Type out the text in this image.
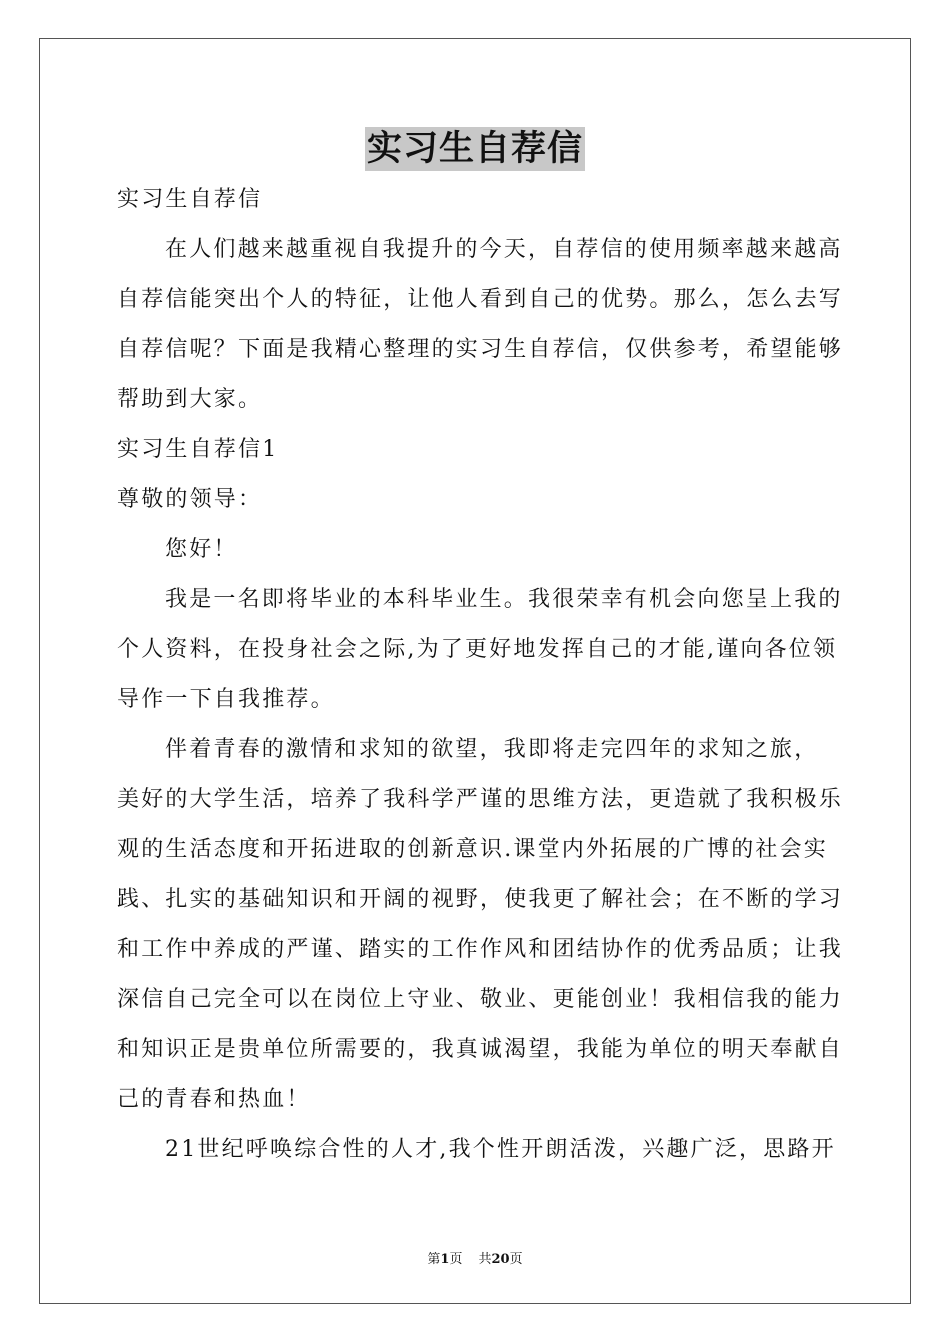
实习生自荐信
实习生自荐信
在人们越来越重视自我提升的今天，自荐信的使用频率越来越高
自荐信能突出个人的特征，让他人看到自己的优势。那么，怎么去写
自荐信呢？下面是我精心整理的实习生自荐信，仅供参考，希望能够
帮助到大家。
实习生自荐信1
尊敬的领导：
您好！
我是一名即将毕业的本科毕业生。我很荣幸有机会向您呈上我的
个人资料，在投身社会之际,为了更好地发挥自己的才能,谨向各位领
导作一下自我推荐。
伴着青春的激情和求知的欲望，我即将走完四年的求知之旅，
美好的大学生活，培养了我科学严谨的思维方法，更造就了我积极乐
观的生活态度和开拓进取的创新意识.课堂内外拓展的广博的社会实
践、扎实的基础知识和开阔的视野，使我更了解社会；在不断的学习
和工作中养成的严谨、踏实的工作作风和团结协作的优秀品质；让我
深信自己完全可以在岗位上守业、敬业、更能创业！我相信我的能力
和知识正是贵单位所需要的，我真诚渴望，我能为单位的明天奉献自
己的青春和热血！
21世纪呼唤综合性的人才,我个性开朗活泼，兴趣广泛，思路开
第1页 共20页
